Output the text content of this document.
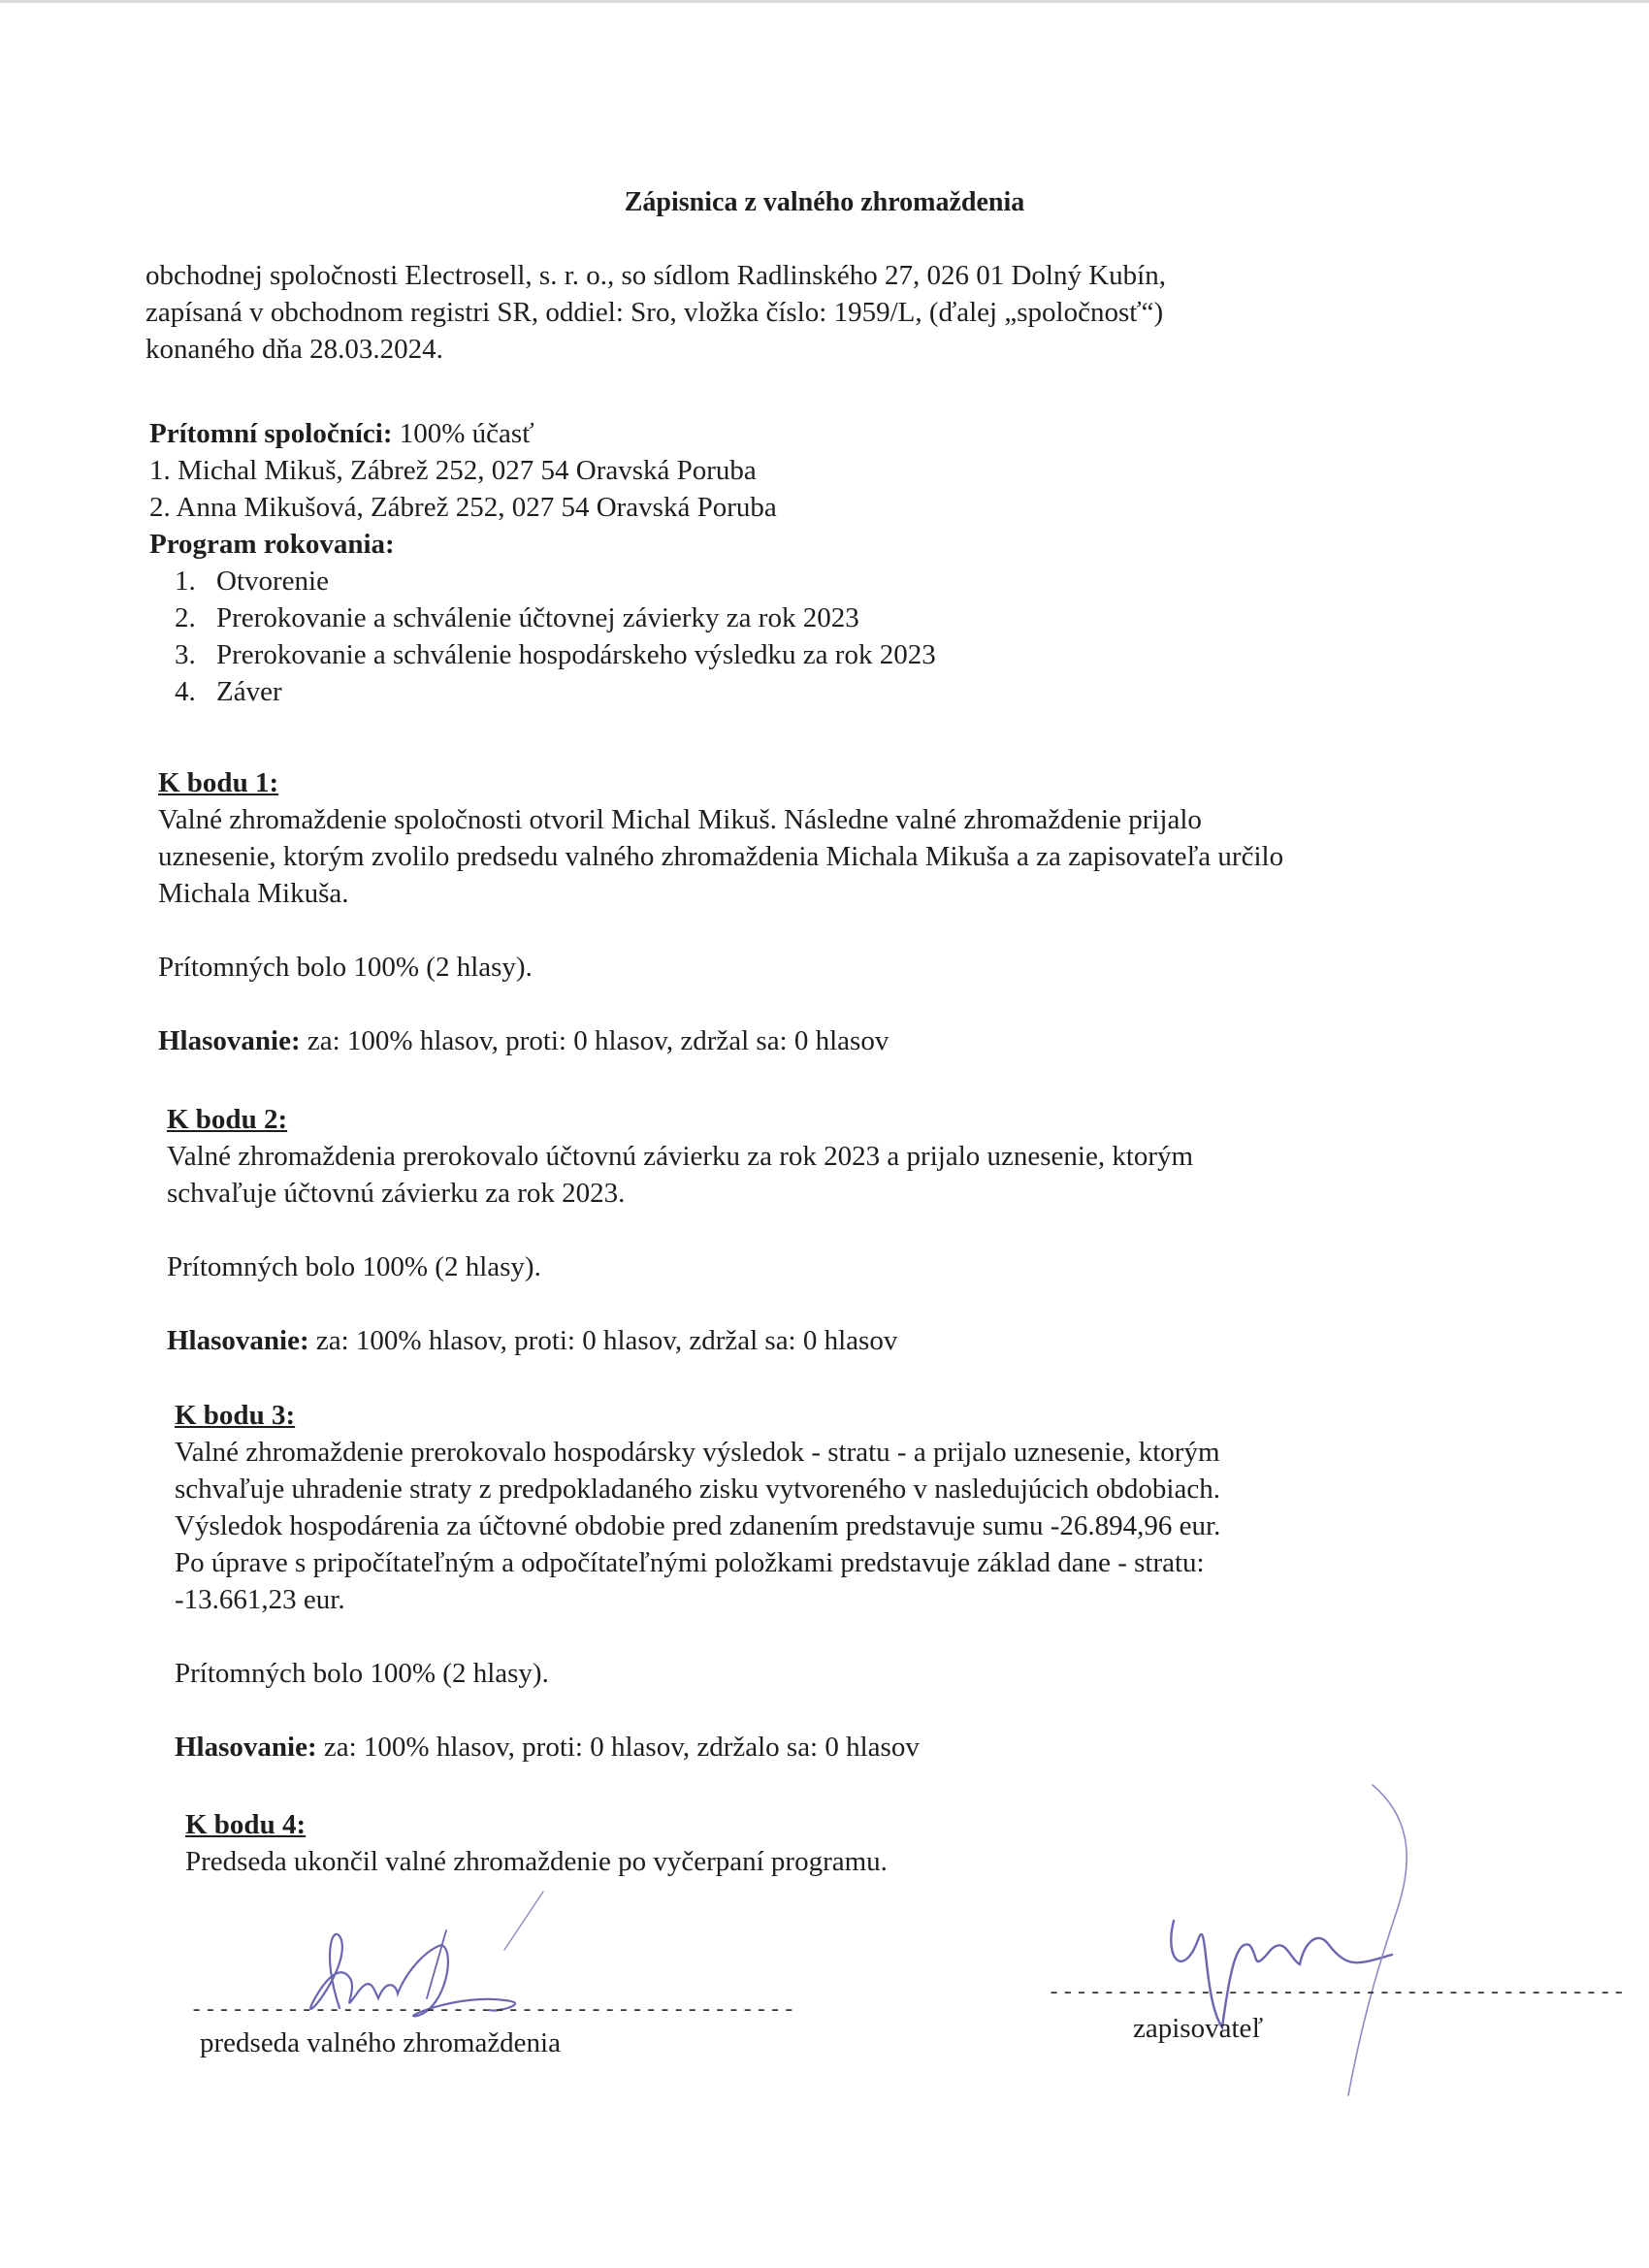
Zápisnica z valného zhromaždenia

obchodnej spoločnosti Electrosell, s. r. o., so sídlom Radlinského 27, 026 01 Dolný Kubín,

zapísaná v obchodnom registri SR, oddiel: Sro, vložka číslo: 1959/L, (ďalej „spoločnosť“)

konaného dňa 28.03.2024.

Prítomní spoločníci: 100% účasť

1. Michal Mikuš, Zábrež 252, 027 54 Oravská Poruba

2. Anna Mikušová, Zábrež 252, 027 54 Oravská Poruba

Program rokovania:

1. Otvorenie
2. Prerokovanie a schválenie účtovnej závierky za rok 2023
3. Prerokovanie a schválenie hospodárskeho výsledku za rok 2023
4. Záver

K bodu 1:

Valné zhromaždenie spoločnosti otvoril Michal Mikuš. Následne valné zhromaždenie prijalo

uznesenie, ktorým zvolilo predsedu valného zhromaždenia Michala Mikuša a za zapisovateľa určilo

Michala Mikuša.

Prítomných bolo 100% (2 hlasy).

Hlasovanie: za: 100% hlasov, proti: 0 hlasov, zdržal sa: 0 hlasov

K bodu 2:

Valné zhromaždenia prerokovalo účtovnú závierku za rok 2023 a prijalo uznesenie, ktorým

schvaľuje účtovnú závierku za rok 2023.

Prítomných bolo 100% (2 hlasy).

Hlasovanie: za: 100% hlasov, proti: 0 hlasov, zdržal sa: 0 hlasov

K bodu 3:

Valné zhromaždenie prerokovalo hospodársky výsledok - stratu - a prijalo uznesenie, ktorým

schvaľuje uhradenie straty z predpokladaného zisku vytvoreného v nasledujúcich obdobiach.

Výsledok hospodárenia za účtovné obdobie pred zdanením predstavuje sumu -26.894,96 eur.

Po úprave s pripočítateľným a odpočítateľnými položkami predstavuje základ dane - stratu:

-13.661,23 eur.

Prítomných bolo 100% (2 hlasy).

Hlasovanie: za: 100% hlasov, proti: 0 hlasov, zdržalo sa: 0 hlasov

K bodu 4:

Predseda ukončil valné zhromaždenie po vyčerpaní programu.

--------------------------------------------
predseda valného zhromaždenia
------------------------------------------
zapisovateľ
